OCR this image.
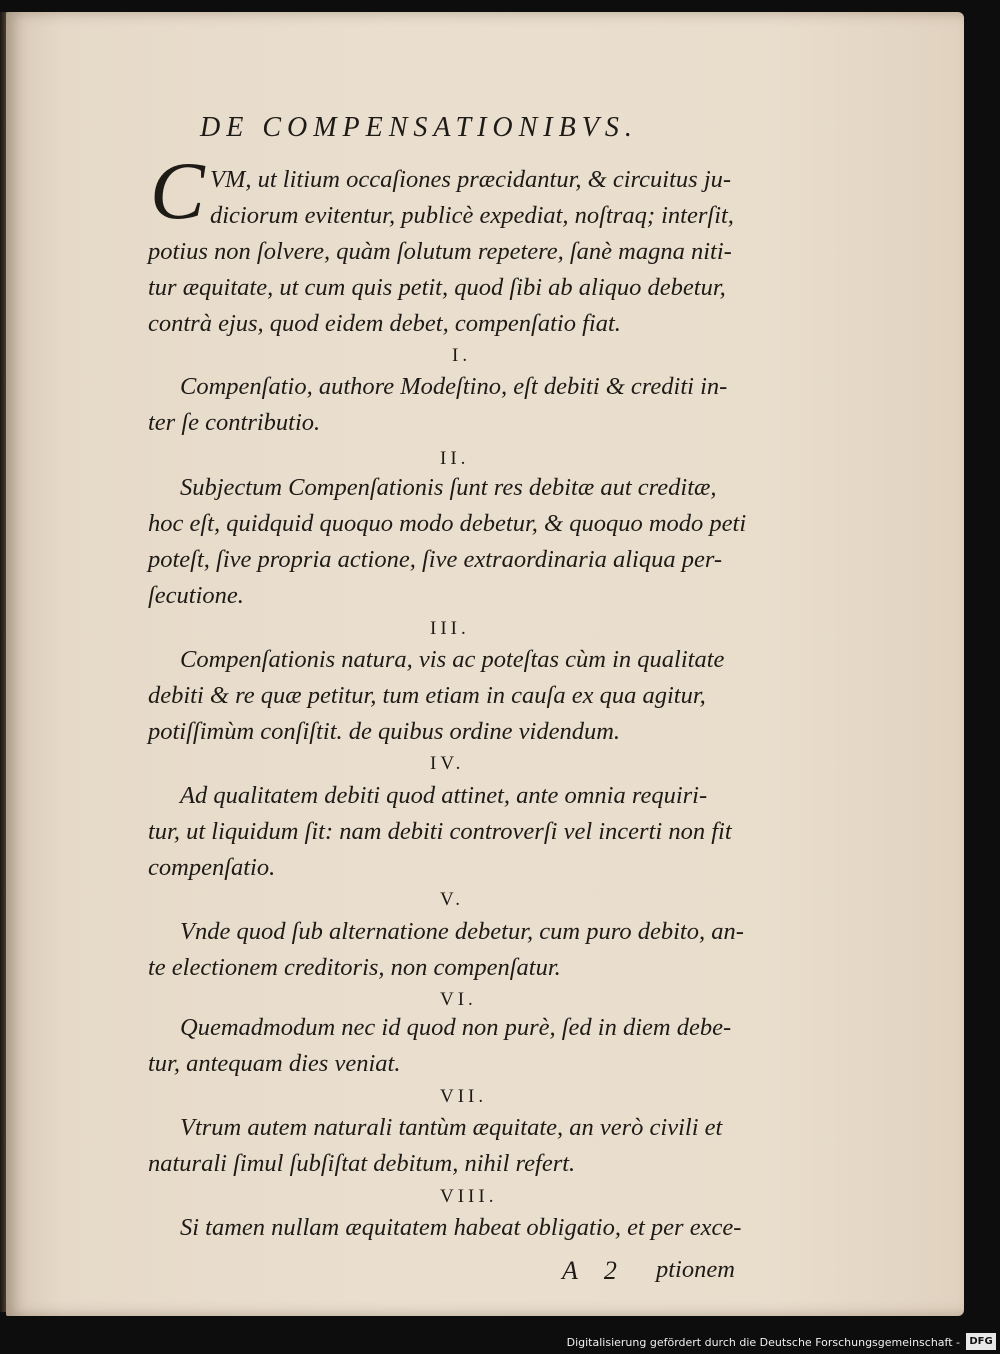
DE COMPENSATIONIBVS.
C VM, ut litium occaſiones præcidantur, & circuitus ju-
diciorum evitentur, publicè expediat, noſtraq; interſit,
potius non ſolvere, quàm ſolutum repetere, ſanè magna niti-
tur æquitate, ut cum quis petit, quod ſibi ab aliquo debetur,
contrà ejus, quod eidem debet, compenſatio fiat.
I.
Compenſatio, authore Modeſtino, eſt debiti & crediti in-
ter ſe contributio.
II.
Subjectum Compenſationis ſunt res debitæ aut creditæ,
hoc eſt, quidquid quoquo modo debetur, & quoquo modo peti
poteſt, ſive propria actione, ſive extraordinaria aliqua per-
ſecutione.
III.
Compenſationis natura, vis ac poteſtas cùm in qualitate
debiti & re quæ petitur, tum etiam in cauſa ex qua agitur,
potiſſimùm conſiſtit. de quibus ordine videndum.
IV.
Ad qualitatem debiti quod attinet, ante omnia requiri-
tur, ut liquidum ſit: nam debiti controverſi vel incerti non fit
compenſatio.
V.
Vnde quod ſub alternatione debetur, cum puro debito, an-
te electionem creditoris, non compenſatur.
VI.
Quemadmodum nec id quod non purè, ſed in diem debe-
tur, antequam dies veniat.
VII.
Vtrum autem naturali tantùm æquitate, an verò civili et
naturali ſimul ſubſiſtat debitum, nihil refert.
VIII.
Si tamen nullam æquitatem habeat obligatio, et per exce-
A 2 ptionem
Digitalisierung gefördert durch die Deutsche Forschungsgemeinschaft - DFG
